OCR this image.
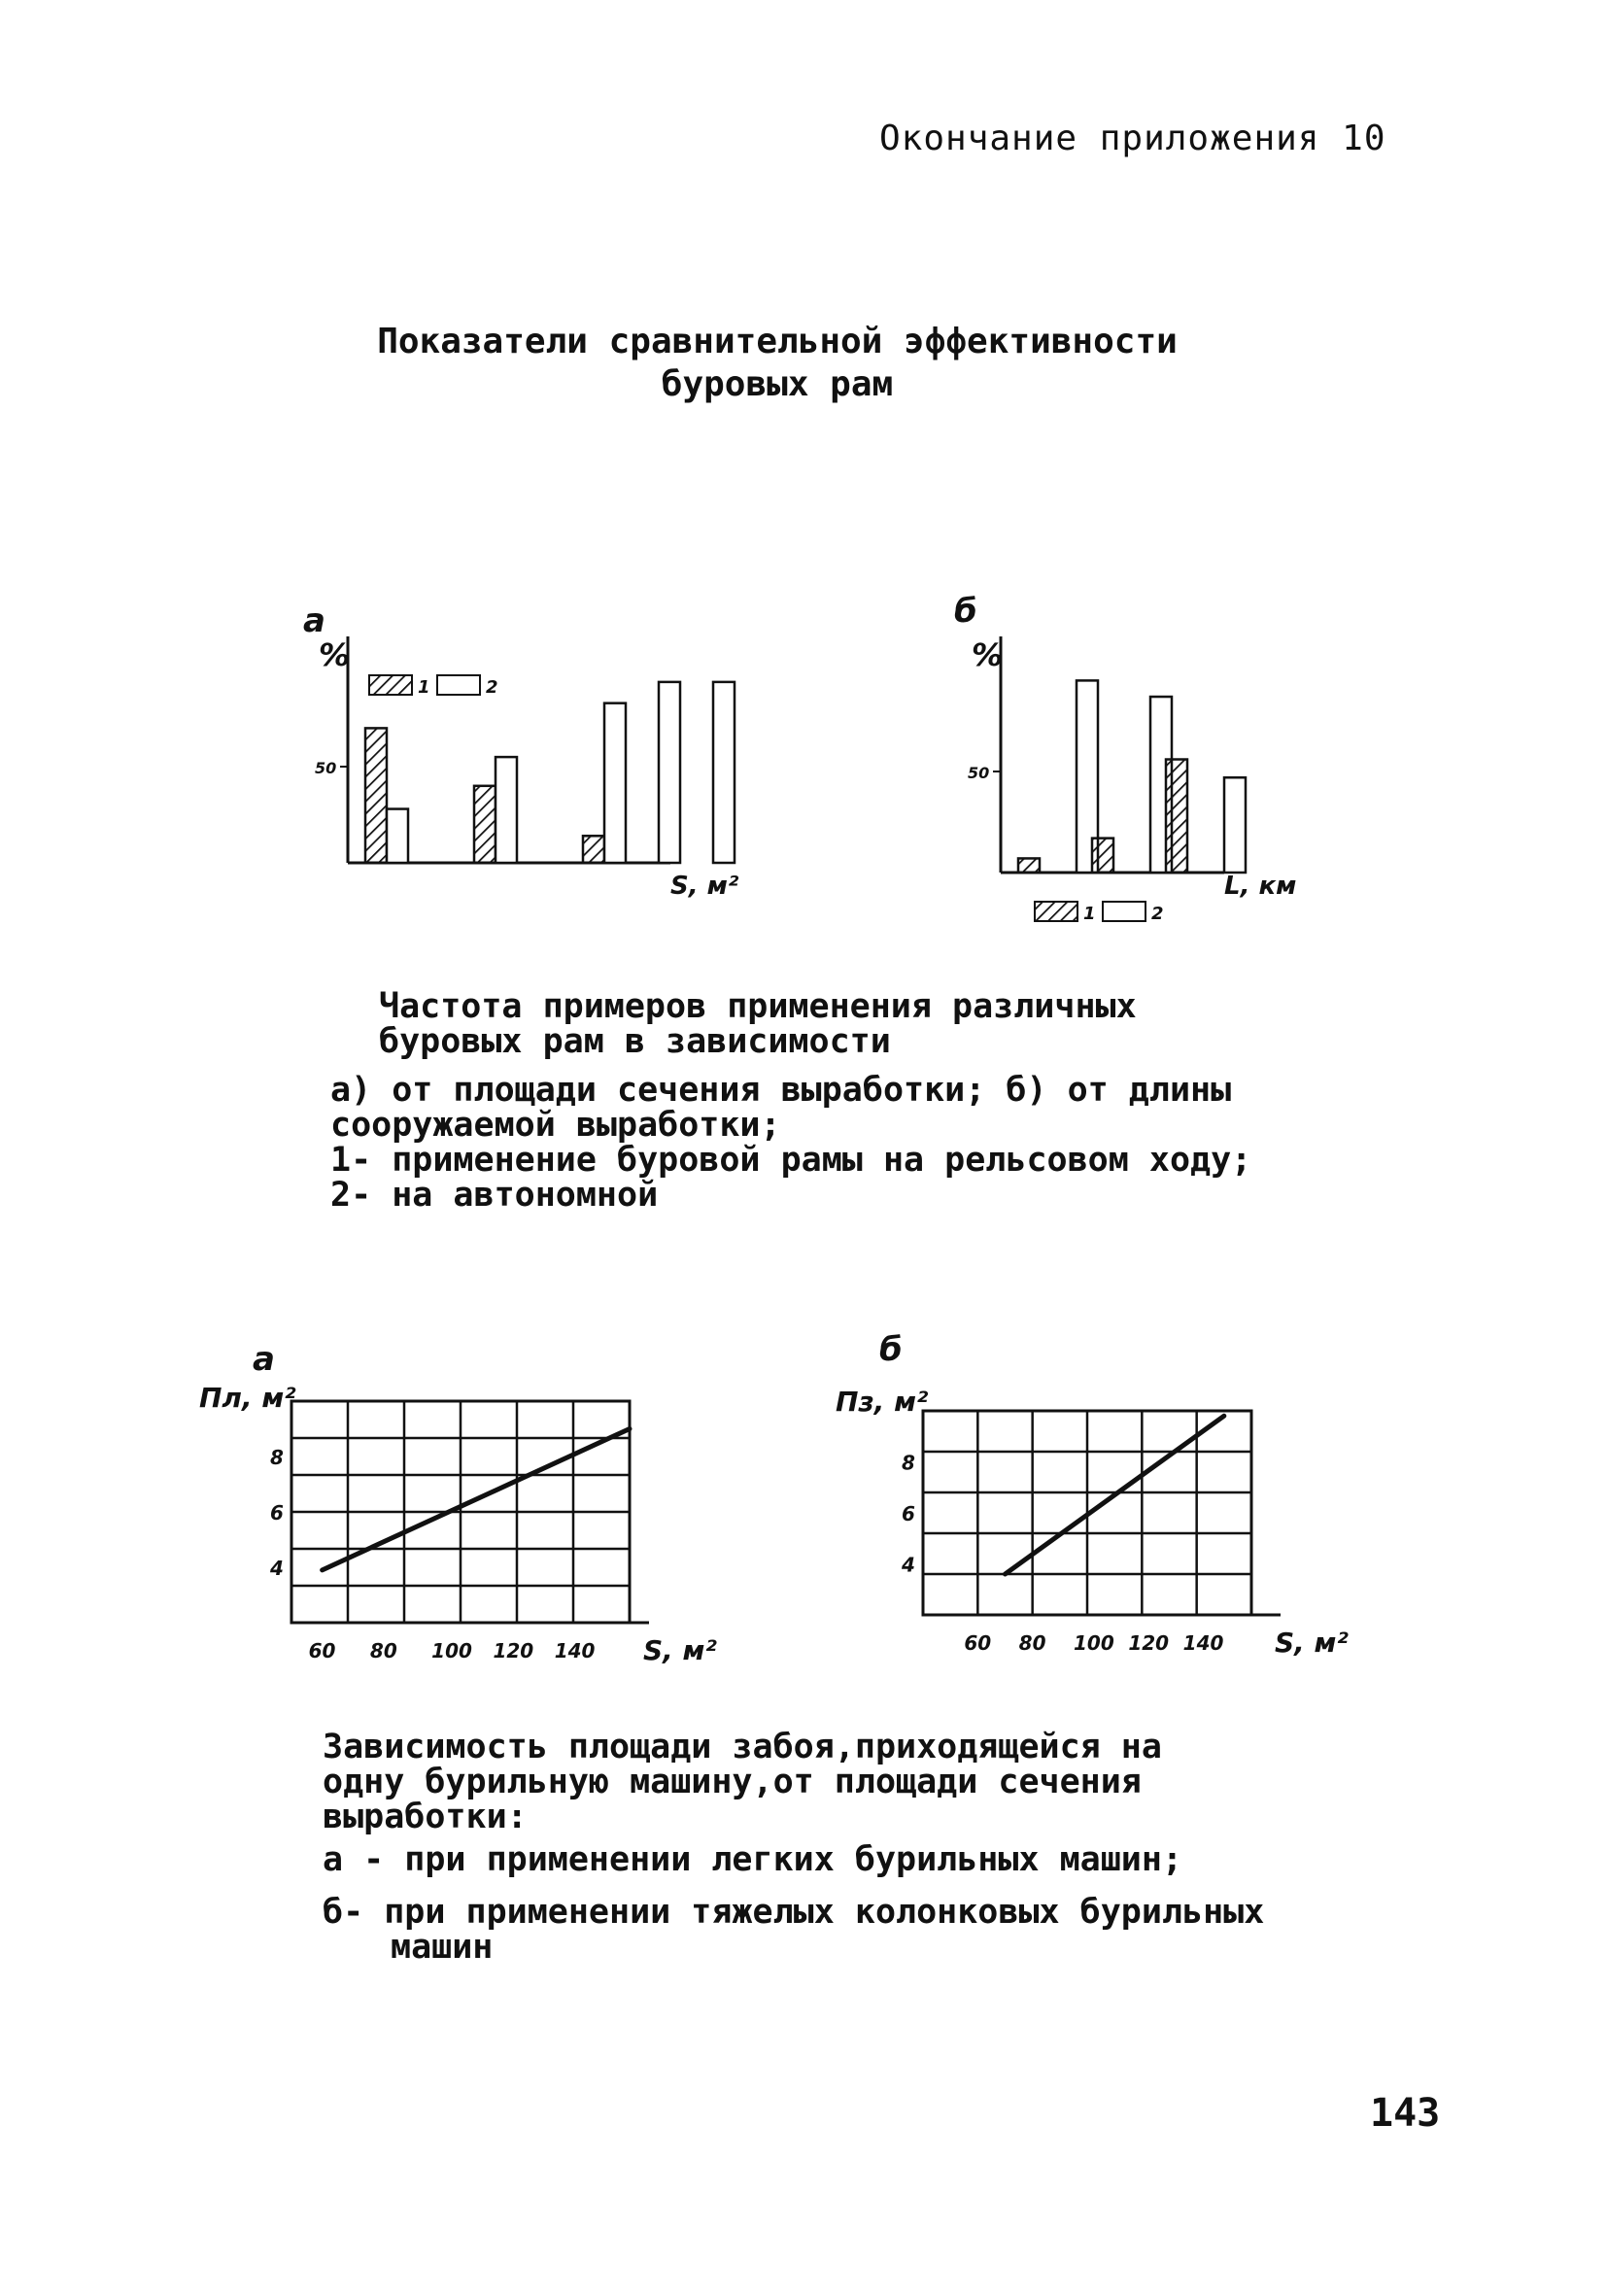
Окончание приложения 10
Показатели сравнительной эффективности
буровых рам
а
%
50
S, м²
1	2
б
%
50
L, км
1	2
Частота примеров применения различных
буровых рам в зависимости
а) от площади сечения выработки; б) от длины
сооружаемой выработки;
1- применение буровой рамы на рельсовом ходу;
2- на автономной
а
Пл, м²
4
6
8
60 80 100 120 140 S, м²
б
Пз, м²
4
6
8
60 80 100 120 140 S, м²
Зависимость площади забоя,приходящейся на
одну бурильную машину,от площади сечения
выработки:
а - при применении легких бурильных машин;
б- при применении тяжелых колонковых бурильных
машин
143
